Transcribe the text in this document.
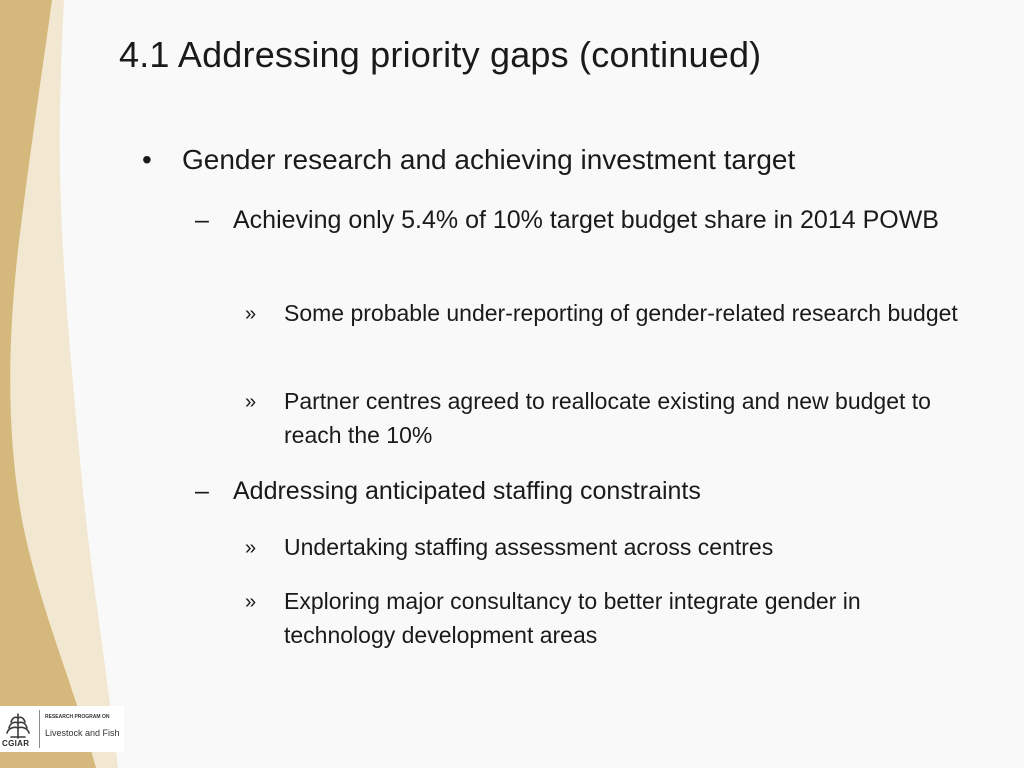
4.1 Addressing priority gaps (continued)
•	Gender research and achieving investment target
– Achieving only 5.4% of 10% target budget share in 2014 POWB
»	Some probable under-reporting of gender-related research budget
»	Partner centres agreed to reallocate existing and new budget to reach the 10%
– Addressing anticipated staffing constraints
»	Undertaking staffing assessment across centres
»	Exploring major consultancy to better integrate gender in technology development areas
CGIAR
RESEARCH PROGRAM ON
Livestock and Fish
